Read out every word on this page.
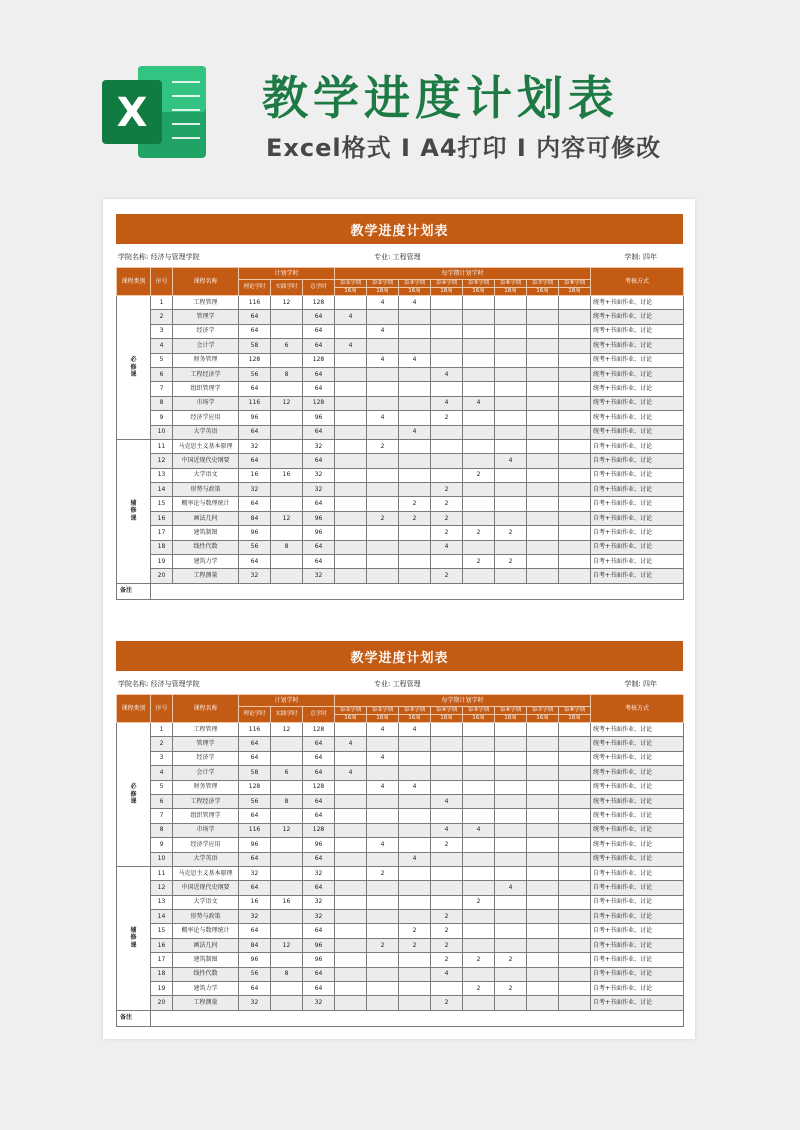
X 教学进度计划表
Excel格式 I A4打印 I 内容可修改
教学进度计划表
学院名称: 经济与管理学院	专业: 工程管理	学制: 四年
课程类别	序号	课程名称	计划学时			每学期计划学时								考核方式
			理论学时	实践学时	总学时	第①学期	第②学期	第③学期	第④学期	第⑤学期	第⑥学期	第⑦学期	第⑧学期	
						16周	18周	16周	18周	16周	18周	16周	18周	

必修课	1	工程管理	116	12	128		4	4						统考+书面作业、讨论
	2	管理学	64		64	4								统考+书面作业、讨论
	3	经济学	64		64		4							统考+书面作业、讨论
	4	会计学	58	6	64	4								统考+书面作业、讨论
	5	财务管理	128		128		4	4						统考+书面作业、讨论
	6	工程经济学	56	8	64				4					统考+书面作业、讨论
	7	组织管理学	64		64									统考+书面作业、讨论
	8	市场学	116	12	128				4	4				统考+书面作业、讨论
	9	经济学应用	96		96		4		2					统考+书面作业、讨论
	10	大学英语	64		64			4						统考+书面作业、讨论

辅修课	11	马克思主义基本原理	32		32		2							自考+书面作业、讨论
	12	中国近现代史纲要	64		64						4			自考+书面作业、讨论
	13	大学语文	16	16	32					2				自考+书面作业、讨论
	14	形势与政策	32		32				2					自考+书面作业、讨论
	15	概率论与数理统计	64		64			2	2					自考+书面作业、讨论
	16	画法几何	84	12	96		2	2	2					自考+书面作业、讨论
	17	建筑制图	96		96				2	2	2			自考+书面作业、讨论
	18	线性代数	56	8	64				4					自考+书面作业、讨论
	19	建筑力学	64		64					2	2			自考+书面作业、讨论
	20	工程测量	32		32				2					自考+书面作业、讨论
备注														
教学进度计划表
学院名称: 经济与管理学院	专业: 工程管理	学制: 四年
课程类别	序号	课程名称	计划学时			每学期计划学时								考核方式
			理论学时	实践学时	总学时	第①学期	第②学期	第③学期	第④学期	第⑤学期	第⑥学期	第⑦学期	第⑧学期	
						16周	18周	16周	18周	16周	18周	16周	18周	

必修课	1	工程管理	116	12	128		4	4						统考+书面作业、讨论
	2	管理学	64		64	4								统考+书面作业、讨论
	3	经济学	64		64		4							统考+书面作业、讨论
	4	会计学	58	6	64	4								统考+书面作业、讨论
	5	财务管理	128		128		4	4						统考+书面作业、讨论
	6	工程经济学	56	8	64				4					统考+书面作业、讨论
	7	组织管理学	64		64									统考+书面作业、讨论
	8	市场学	116	12	128				4	4				统考+书面作业、讨论
	9	经济学应用	96		96		4		2					统考+书面作业、讨论
	10	大学英语	64		64			4						统考+书面作业、讨论

辅修课	11	马克思主义基本原理	32		32		2							自考+书面作业、讨论
	12	中国近现代史纲要	64		64						4			自考+书面作业、讨论
	13	大学语文	16	16	32					2				自考+书面作业、讨论
	14	形势与政策	32		32				2					自考+书面作业、讨论
	15	概率论与数理统计	64		64			2	2					自考+书面作业、讨论
	16	画法几何	84	12	96		2	2	2					自考+书面作业、讨论
	17	建筑制图	96		96				2	2	2			自考+书面作业、讨论
	18	线性代数	56	8	64				4					自考+书面作业、讨论
	19	建筑力学	64		64					2	2			自考+书面作业、讨论
	20	工程测量	32		32				2					自考+书面作业、讨论
备注														
